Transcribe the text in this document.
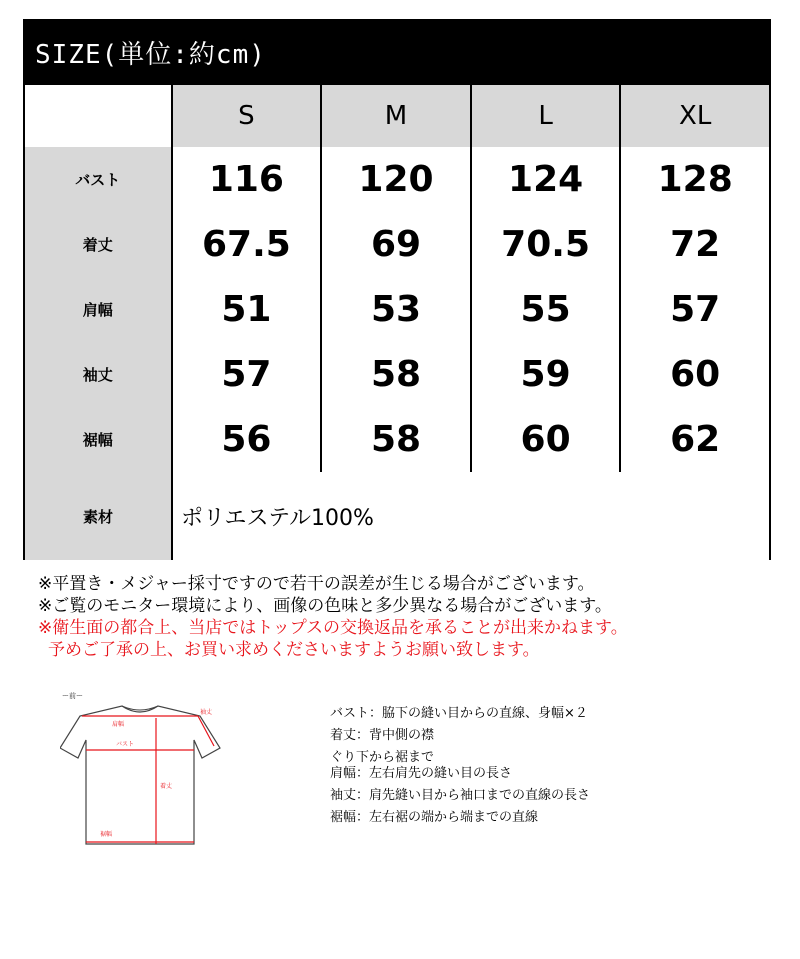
SIZE(単位:約cm)
S	M	L	XL
バスト	116	120	124	128
着丈	67.5	69	70.5	72
肩幅	51	53	55	57
袖丈	57	58	59	60
裾幅	56	58	60	62
素材	ポリエステル100%
※平置き・メジャー採寸ですので若干の誤差が生じる場合がございます。
※ご覧のモニター環境により、画像の色味と多少異なる場合がございます。
※衛生面の都合上、当店ではトップスの交換返品を承ることが出来かねます。
予めご了承の上、お買い求めくださいますようお願い致します。
ー前ー
肩幅
袖丈
バスト
着丈
裾幅
バスト：脇下の縫い目からの直線、身幅×２
着丈：背中側の襟
ぐり下から裾まで
肩幅：左右肩先の縫い目の長さ
袖丈：肩先縫い目から袖口までの直線の長さ
裾幅：左右裾の端から端までの直線
